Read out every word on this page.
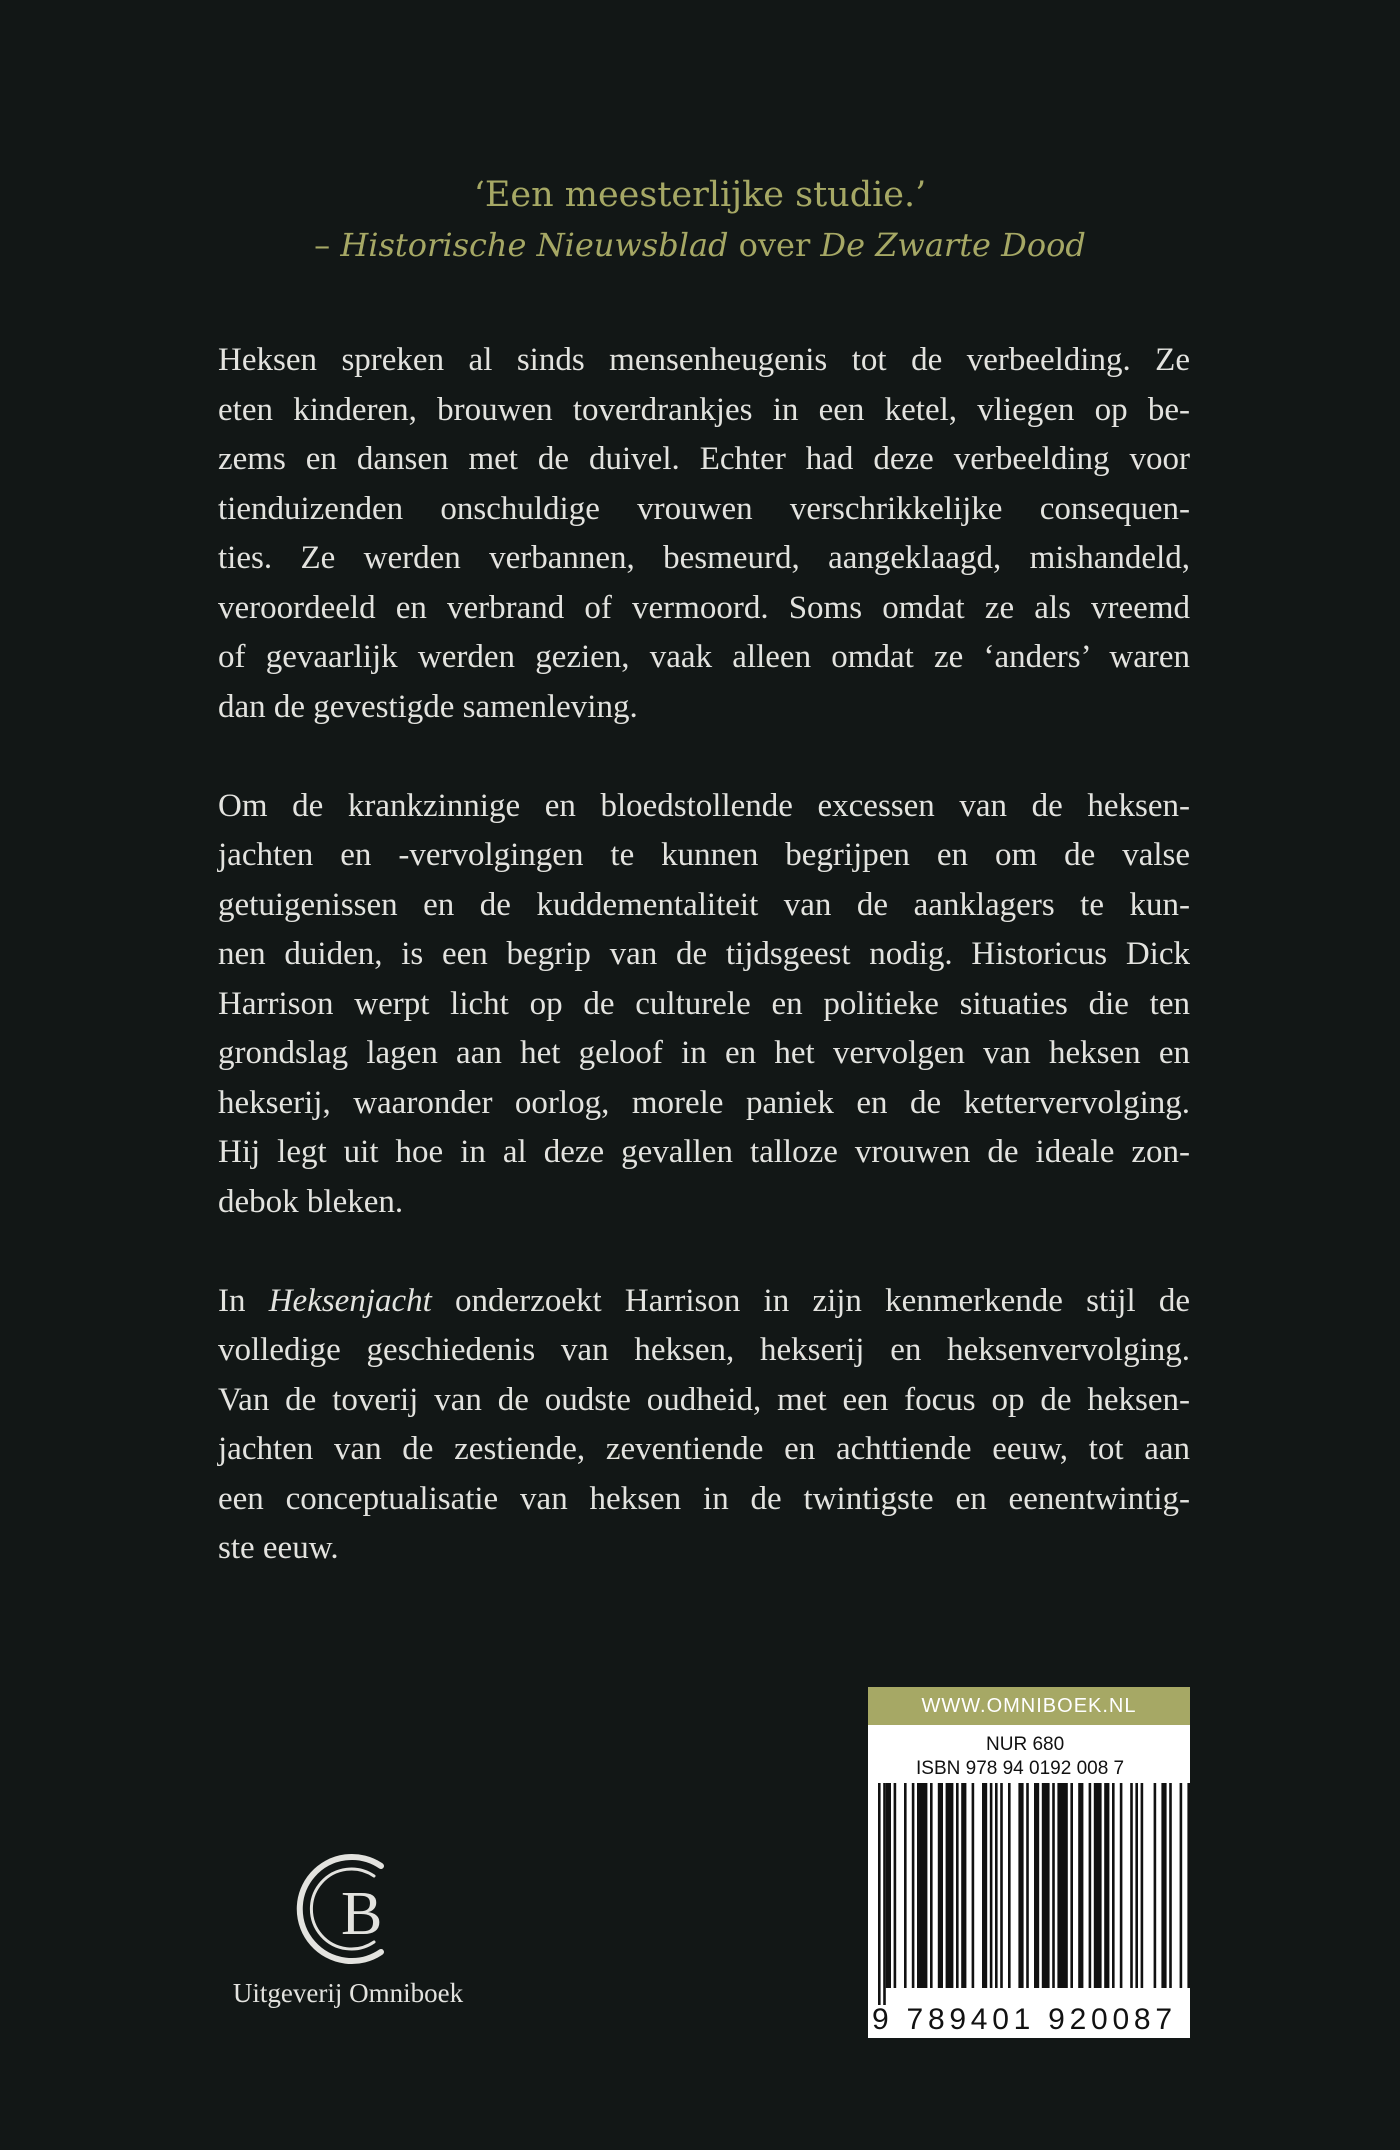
‘Een meesterlijke studie.’
– Historische Nieuwsblad over De Zwarte Dood
Heksen spreken al sinds mensenheugenis tot de verbeelding. Ze
eten kinderen, brouwen toverdrankjes in een ketel, vliegen op be-
zems en dansen met de duivel. Echter had deze verbeelding voor
tienduizenden onschuldige vrouwen verschrikkelijke consequen-
ties. Ze werden verbannen, besmeurd, aangeklaagd, mishandeld,
veroordeeld en verbrand of vermoord. Soms omdat ze als vreemd
of gevaarlijk werden gezien, vaak alleen omdat ze ‘anders’ waren
dan de gevestigde samenleving.
Om de krankzinnige en bloedstollende excessen van de heksen-
jachten en -vervolgingen te kunnen begrijpen en om de valse
getuigenissen en de kuddementaliteit van de aanklagers te kun-
nen duiden, is een begrip van de tijdsgeest nodig. Historicus Dick
Harrison werpt licht op de culturele en politieke situaties die ten
grondslag lagen aan het geloof in en het vervolgen van heksen en
hekserij, waaronder oorlog, morele paniek en de kettervervolging.
Hij legt uit hoe in al deze gevallen talloze vrouwen de ideale zon-
debok bleken.
In Heksenjacht onderzoekt Harrison in zijn kenmerkende stijl de
volledige geschiedenis van heksen, hekserij en heksenvervolging.
Van de toverij van de oudste oudheid, met een focus op de heksen-
jachten van de zestiende, zeventiende en achttiende eeuw, tot aan
een conceptualisatie van heksen in de twintigste en eenentwintig-
ste eeuw.
WWW.OMNIBOEK.NL
NUR 680
ISBN 978 94 0192 008 7
9 789401 920087
B
Uitgeverij Omniboek
